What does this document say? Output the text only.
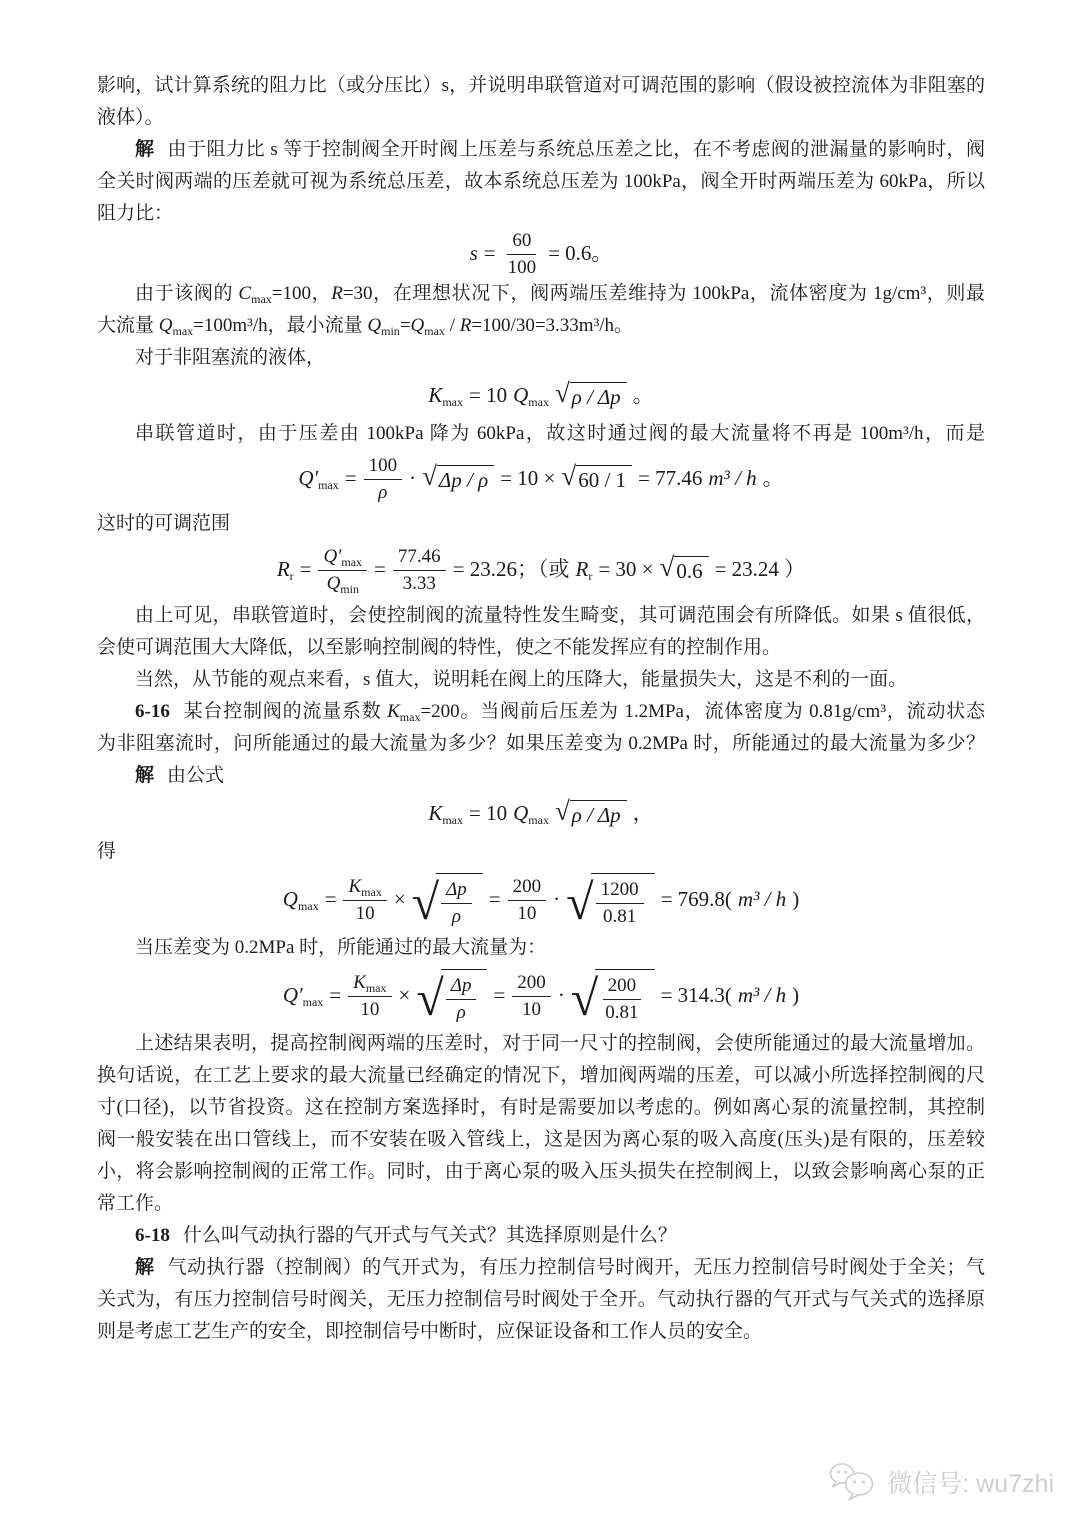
影响，试计算系统的阻力比（或分压比）s，并说明串联管道对可调范围的影响（假设被控流体为非阻塞的
液体）。
解 由于阻力比 s 等于控制阀全开时阀上压差与系统总压差之比，在不考虑阀的泄漏量的影响时，阀
全关时阀两端的压差就可视为系统总压差，故本系统总压差为 100kPa，阀全开时两端压差为 60kPa，所以
阻力比：
$s = \frac{60}{100} = 0.6$。
由于该阀的 $C_{max}=100$，R=30，在理想状况下，阀两端压差维持为 100kPa，流体密度为 1g/cm³，则最
大流量 $Q_{max}=100m^3/h$，最小流量 $Q_{min}=Q_{max} / R=100/30=3.33m^3/h$。
对于非阻塞流的液体，
$K_{max} = 10$ $Q_{max}$ √ ρ / Δp 。
串联管道时，由于压差由 100kPa 降为 60kPa，故这时通过阀的最大流量将不再是 100m³/h，而是
$Q'_{max} = \frac{100}{\rho}$ · √ Δp / ρ = 10 × √ 60 / 1 = 77.46 m³ / h 。
这时的可调范围
$R_r = \frac{Q'_{max}}{Q_{min}} = \frac{77.46}{3.33} = 23.26$；（或 $R_r = 30$ × √ 0.6 = 23.24 ）
由上可见，串联管道时，会使控制阀的流量特性发生畸变，其可调范围会有所降低。如果 s 值很低，
会使可调范围大大降低，以至影响控制阀的特性，使之不能发挥应有的控制作用。
当然，从节能的观点来看，s 值大，说明耗在阀上的压降大，能量损失大，这是不利的一面。
6-16 某台控制阀的流量系数 $K_{max}=200$。当阀前后压差为 1.2MPa，流体密度为 0.81g/cm³，流动状态
为非阻塞流时，问所能通过的最大流量为多少？如果压差变为 0.2MPa 时，所能通过的最大流量为多少？
解 由公式
$K_{max} = 10$ $Q_{max}$ √ ρ / Δp ，
得
$Q_{max} = \frac{K_{max}}{10}$ × √ $\frac{\Delta p}{\rho} = \frac{200}{10}$ · √ $\frac{1200}{0.81} = 769.8$( m³ / h )
当压差变为 0.2MPa 时，所能通过的最大流量为：
$Q'_{max} = \frac{K_{max}}{10}$ × √ $\frac{\Delta p}{\rho} = \frac{200}{10}$ · √ $\frac{200}{0.81} = 314.3$( m³ / h )
上述结果表明，提高控制阀两端的压差时，对于同一尺寸的控制阀，会使所能通过的最大流量增加。
换句话说，在工艺上要求的最大流量已经确定的情况下，增加阀两端的压差，可以减小所选择控制阀的尺
寸(口径)，以节省投资。这在控制方案选择时，有时是需要加以考虑的。例如离心泵的流量控制，其控制
阀一般安装在出口管线上，而不安装在吸入管线上，这是因为离心泵的吸入高度(压头)是有限的，压差较
小，将会影响控制阀的正常工作。同时，由于离心泵的吸入压头损失在控制阀上，以致会影响离心泵的正
常工作。
6-18 什么叫气动执行器的气开式与气关式？其选择原则是什么？
解 气动执行器（控制阀）的气开式为，有压力控制信号时阀开，无压力控制信号时阀处于全关；气
关式为，有压力控制信号时阀关，无压力控制信号时阀处于全开。气动执行器的气开式与气关式的选择原
则是考虑工艺生产的安全，即控制信号中断时，应保证设备和工作人员的安全。
微信号: wu7zhi
